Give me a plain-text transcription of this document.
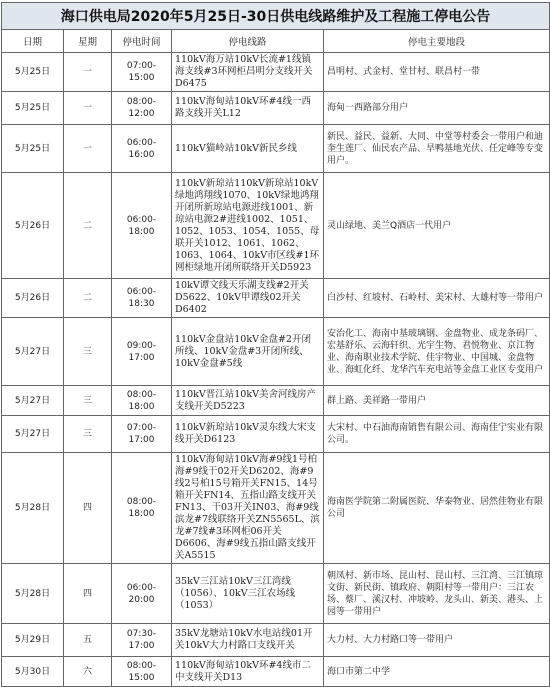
海口供电局2020年5月25日-30日供电线路维护及工程施工停电公告				
日期	星期	停电时间	停电线路	停电主要地段
5月25日	一	07:00-15:00	110kV海万站10kV长流#1线镇海支线#3环网柜昌明分支线开关D6475	昌明村、式金村、堂甘村、联昌村一带
5月25日	一	08:00-12:00	110kV海甸站10kV环#4线一西路支线开关L12	海甸一西路部分用户
5月25日	一	06:00-16:00	110kV猫岭站10kV新民乡线	新民、益民、益新、大同、中堂等村委会一带用户和迪奎生莲厂、仙民农产品、旱鸭基地光伏、任定峰等专变用户。
5月26日	二	06:00-18:00	110kV新琼站110kV新琼站10kV绿地鸿翔线1070、10kV绿地鸿翔开闭所新琼站电源进线1001、新琼站电源2#进线1002、1051、1052、1053、1054、1055、母联开关1012、1061、1062、1063、1064、10kV市区线#1环网柜绿地开闭所联络开关D5923	灵山绿地、美兰Q酒店一代用户
5月26日	二	06:00-18:30	10kV谭文线天乐湖支线#2开关D5622、10kV甲谭线02开关D6402	白沙村、红坡村、石岭村、美宋村、大雄村等一带用户
5月27日	三	09:00-17:00	110kV金盘站10kV金盘#2开闭所线、10kV金盘#3开闭所线、10kV金盘#5线	安治化工、海南中基玻璃钢、金盘物业、成龙条码厂、宏基舒乐、云海轩织、光宇生物、君悦物业、京江物业、海南职业技术学院、佳宇物业、中国城、金盘物业、海虹化纤、龙华汽车充电站等金盘工业区专变用户
5月27日	三	08:00-18:00	110kV晋江站10kV美舍河线房产支线开关D5223	群上路、美祥路一带用户
5月27日	三	07:00-17:00	110kV新琼站10kV灵东线大宋支线开关D6123	大宋村、中石油海南销售有限公司、海南佳宁实业有限公司。
5月28日	四	08:00-18:00	110kV海甸站10kV海#9线1号柏海#9线干02开关D6202、海#9线2号柏15号箱开关FN15、14号箱开关FN14、五指山路支线开关FN13、干03开关IN03、海#9线滨龙#7线联络开关ZN5565L、滨龙#7线#3环网柜06开关D6606、海#9线五指山路支线开关A5515	海南医学院第二附属医院、华泰物业、居然佳物业有限公司
5月28日	四	06:00-20:00	35kV三江站10kV三江湾线（1056）、10kV三江农场线（1053）	朝凤村、新市场、昆山村、昆山村、三江湾、三江镇琼文街、新民街、镇政府、朝阳村等一带用户：三江农场、蔡厂、溪汉村、冲坡岭、龙头山、新美、港头、上园等一带用户
5月29日	五	07:30-17:00	35kV龙塘站10kV水电站线01开关10kV大力村路口支线开关	大力村、大力村路口等一带用户
5月30日	六	08:00-15:00	110kV海甸站10kV环#4线市二中支线开关D13	海口市第二中学
